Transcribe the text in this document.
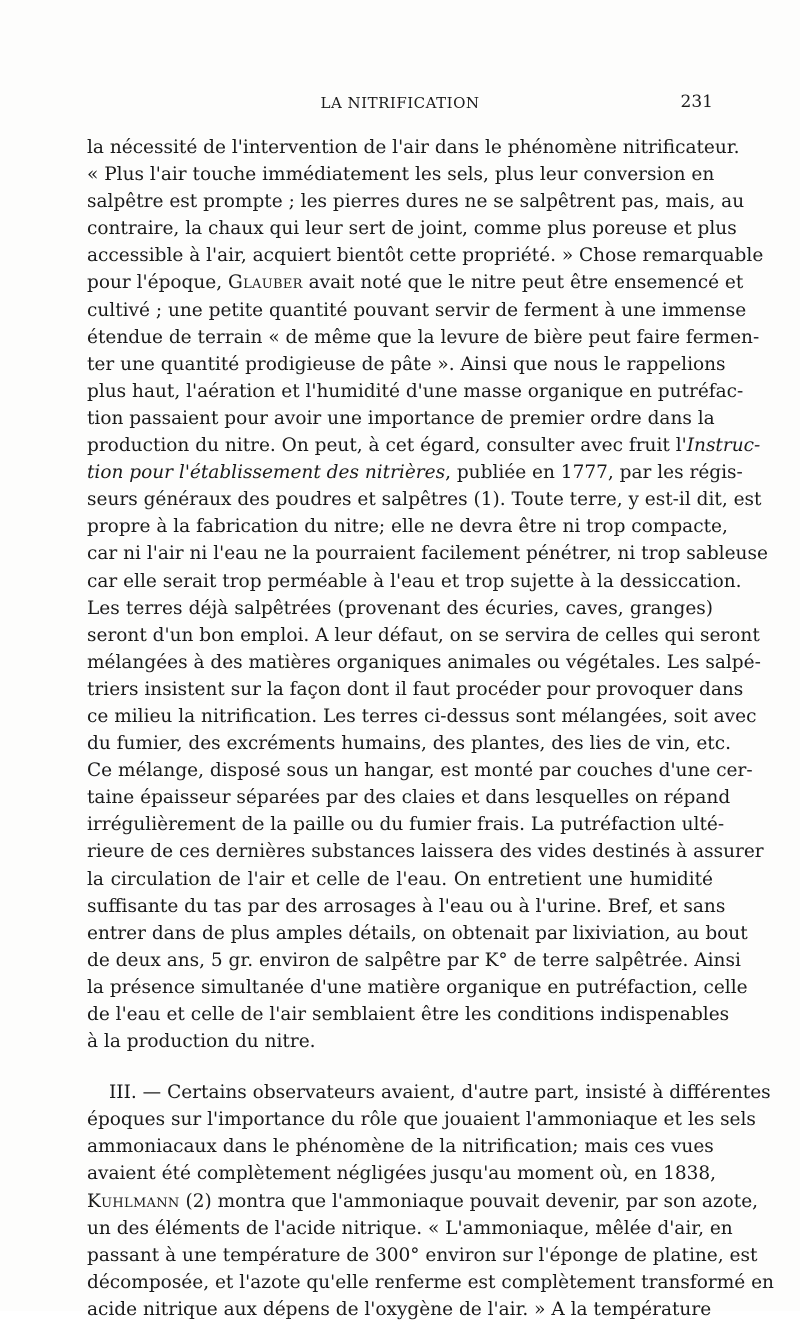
LA NITRIFICATION	231
la nécessité de l'intervention de l'air dans le phénomène nitrificateur.
« Plus l'air touche immédiatement les sels, plus leur conversion en
salpêtre est prompte ; les pierres dures ne se salpêtrent pas, mais, au
contraire, la chaux qui leur sert de joint, comme plus poreuse et plus
accessible à l'air, acquiert bientôt cette propriété. » Chose remarquable
pour l'époque, Glauber avait noté que le nitre peut être ensemencé et
cultivé ; une petite quantité pouvant servir de ferment à une immense
étendue de terrain « de même que la levure de bière peut faire fermen-
ter une quantité prodigieuse de pâte ». Ainsi que nous le rappelions
plus haut, l'aération et l'humidité d'une masse organique en putréfac-
tion passaient pour avoir une importance de premier ordre dans la
production du nitre. On peut, à cet égard, consulter avec fruit l'Instruc-
tion pour l'établissement des nitrières, publiée en 1777, par les régis-
seurs généraux des poudres et salpêtres (1). Toute terre, y est-il dit, est
propre à la fabrication du nitre; elle ne devra être ni trop compacte,
car ni l'air ni l'eau ne la pourraient facilement pénétrer, ni trop sableuse
car elle serait trop perméable à l'eau et trop sujette à la dessiccation.
Les terres déjà salpêtrées (provenant des écuries, caves, granges)
seront d'un bon emploi. A leur défaut, on se servira de celles qui seront
mélangées à des matières organiques animales ou végétales. Les salpé-
triers insistent sur la façon dont il faut procéder pour provoquer dans
ce milieu la nitrification. Les terres ci-dessus sont mélangées, soit avec
du fumier, des excréments humains, des plantes, des lies de vin, etc.
Ce mélange, disposé sous un hangar, est monté par couches d'une cer-
taine épaisseur séparées par des claies et dans lesquelles on répand
irrégulièrement de la paille ou du fumier frais. La putréfaction ulté-
rieure de ces dernières substances laissera des vides destinés à assurer
la circulation de l'air et celle de l'eau. On entretient une humidité
suffisante du tas par des arrosages à l'eau ou à l'urine. Bref, et sans
entrer dans de plus amples détails, on obtenait par lixiviation, au bout
de deux ans, 5 gr. environ de salpêtre par K° de terre salpêtrée. Ainsi
la présence simultanée d'une matière organique en putréfaction, celle
de l'eau et celle de l'air semblaient être les conditions indispenables
à la production du nitre.
III. — Certains observateurs avaient, d'autre part, insisté à différentes
époques sur l'importance du rôle que jouaient l'ammoniaque et les sels
ammoniacaux dans le phénomène de la nitrification; mais ces vues
avaient été complètement négligées jusqu'au moment où, en 1838,
Kuhlmann (2) montra que l'ammoniaque pouvait devenir, par son azote,
un des éléments de l'acide nitrique. « L'ammoniaque, mêlée d'air, en
passant à une température de 300° environ sur l'éponge de platine, est
décomposée, et l'azote qu'elle renferme est complètement transformé en
acide nitrique aux dépens de l'oxygène de l'air. » A la température
